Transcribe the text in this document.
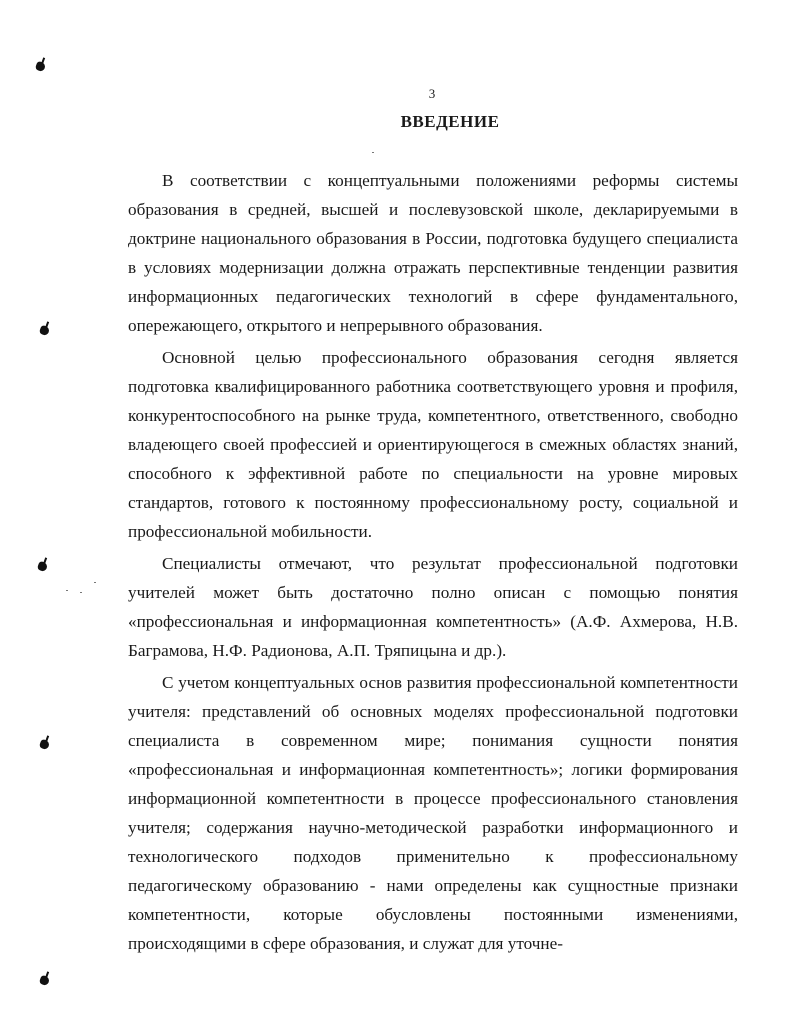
3
ВВЕДЕНИЕ

В соответствии с концептуальными положениями реформы системы образования в средней, высшей и послевузовской школе, декларируемыми в доктрине национального образования в России, подготовка будущего специалиста в условиях модернизации должна отражать перспективные тенденции развития информационных педагогических технологий в сфере фундаментального, опережающего, открытого и непрерывного образования.

Основной целью профессионального образования сегодня является подготовка квалифицированного работника соответствующего уровня и профиля, конкурентоспособного на рынке труда, компетентного, ответственного, свободно владеющего своей профессией и ориентирующегося в смежных областях знаний, способного к эффективной работе по специальности на уровне мировых стандартов, готового к постоянному профессиональному росту, социальной и профессиональной мобильности.

Специалисты отмечают, что результат профессиональной подготовки учителей может быть достаточно полно описан с помощью понятия «профессиональная и информационная компетентность» (А.Ф. Ахмерова, Н.В. Баграмова, Н.Ф. Радионова, А.П. Тряпицына и др.).

С учетом концептуальных основ развития профессиональной компетентности учителя: представлений об основных моделях профессиональной подготовки специалиста в современном мире; понимания сущности понятия «профессиональная и информационная компетентность»; логики формирования информационной компетентности в процессе профессионального становления учителя; содержания научно-методической разработки информационного и технологического подходов применительно к профессиональному педагогическому образованию - нами определены как сущностные признаки компетентности, которые обусловлены постоянными изменениями, происходящими в сфере образования, и служат для уточне-
